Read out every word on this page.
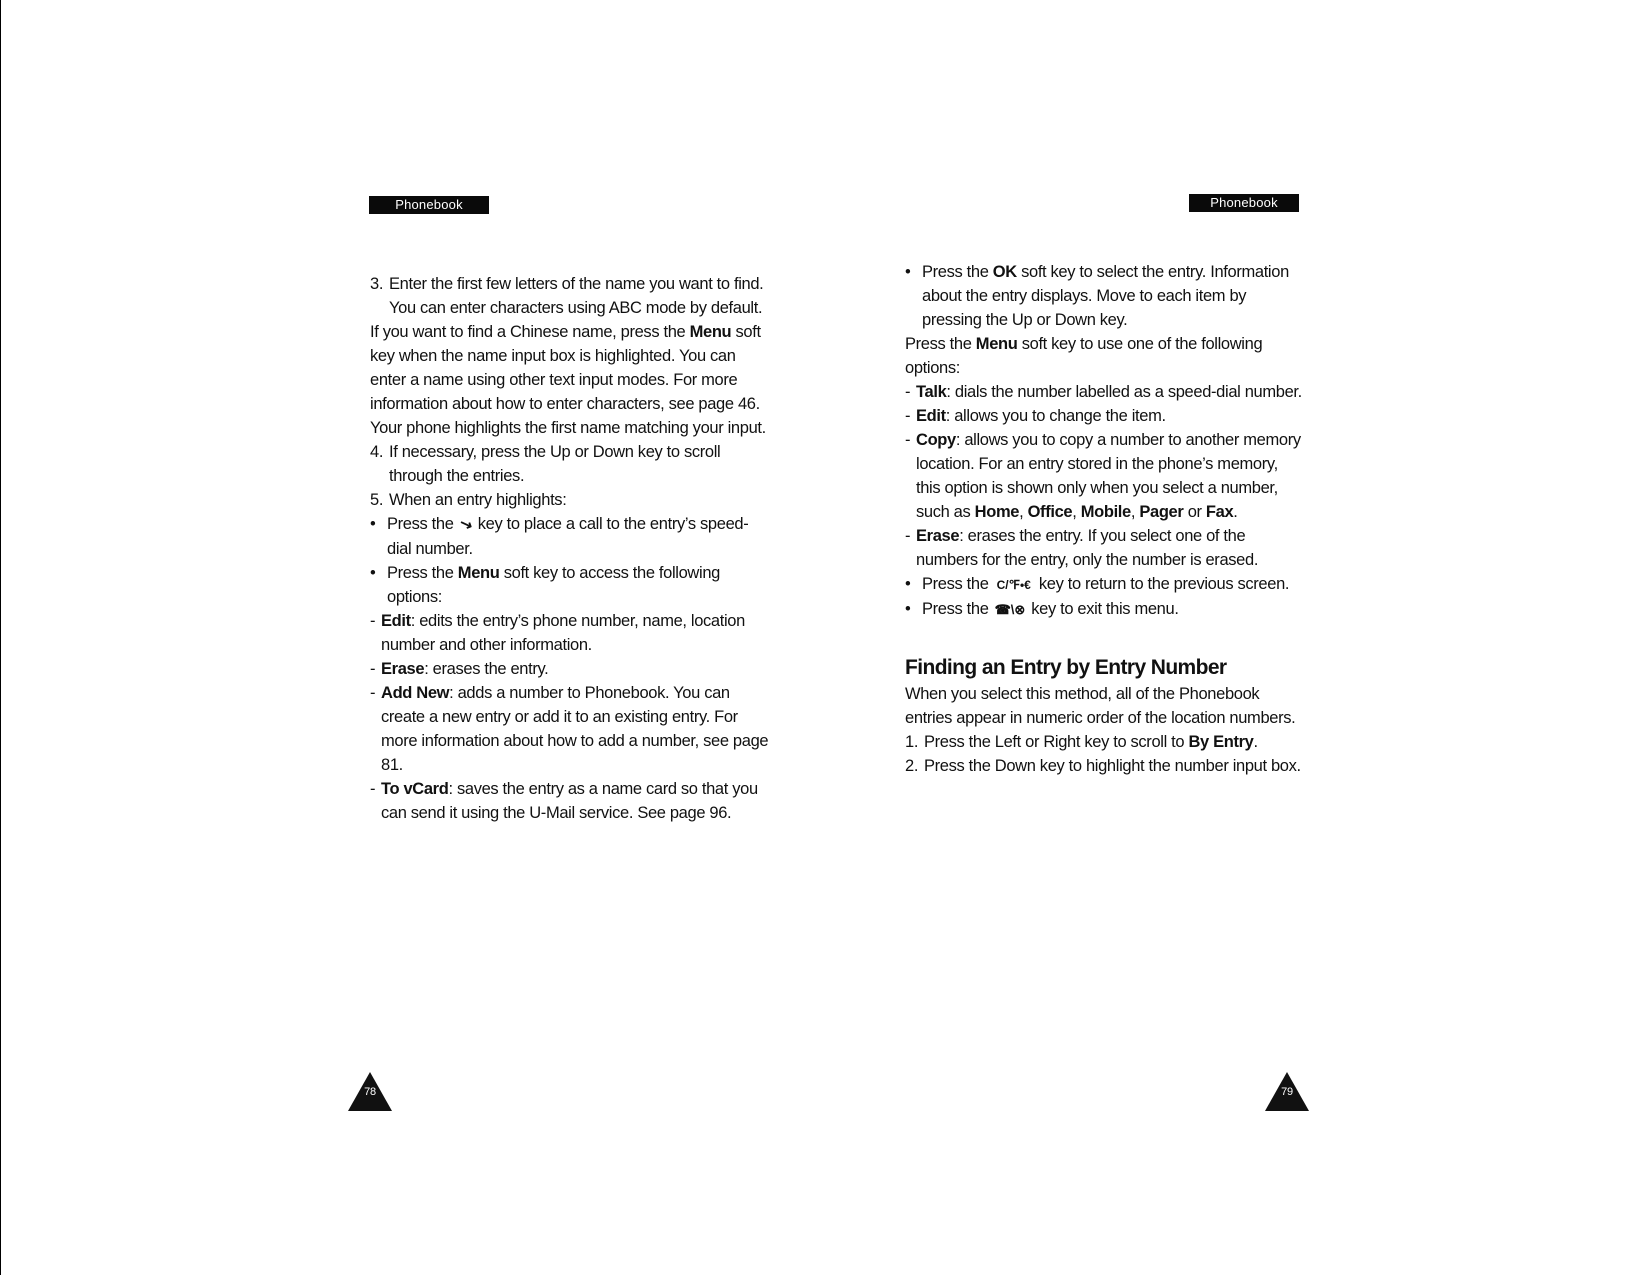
Phonebook

3. Enter the first few letters of the name you want to find. You can enter characters using ABC mode by default.

If you want to find a Chinese name, press the Menu soft key when the name input box is highlighted. You can enter a name using other text input modes. For more information about how to enter characters, see page 46.

Your phone highlights the first name matching your input.

4. If necessary, press the Up or Down key to scroll through the entries.

5. When an entry highlights:

• Press the ↘ key to place a call to the entry’s speed-dial number.

• Press the Menu soft key to access the following options:

- Edit: edits the entry’s phone number, name, location number and other information.

- Erase: erases the entry.

- Add New: adds a number to Phonebook. You can create a new entry or add it to an existing entry. For more information about how to add a number, see page 81.

- To vCard: saves the entry as a name card so that you can send it using the U-Mail service. See page 96.

78
Phonebook

• Press the OK soft key to select the entry. Information about the entry displays. Move to each item by pressing the Up or Down key.

Press the Menu soft key to use one of the following options:

- Talk: dials the number labelled as a speed-dial number.

- Edit: allows you to change the item.

- Copy: allows you to copy a number to another memory location. For an entry stored in the phone’s memory, this option is shown only when you select a number, such as Home, Office, Mobile, Pager or Fax.

- Erase: erases the entry. If you select one of the numbers for the entry, only the number is erased.

• Press the C/℉•€ key to return to the previous screen.

• Press the ☎\⊗ key to exit this menu.

Finding an Entry by Entry Number

When you select this method, all of the Phonebook entries appear in numeric order of the location numbers.

1. Press the Left or Right key to scroll to By Entry.

2. Press the Down key to highlight the number input box.

79
